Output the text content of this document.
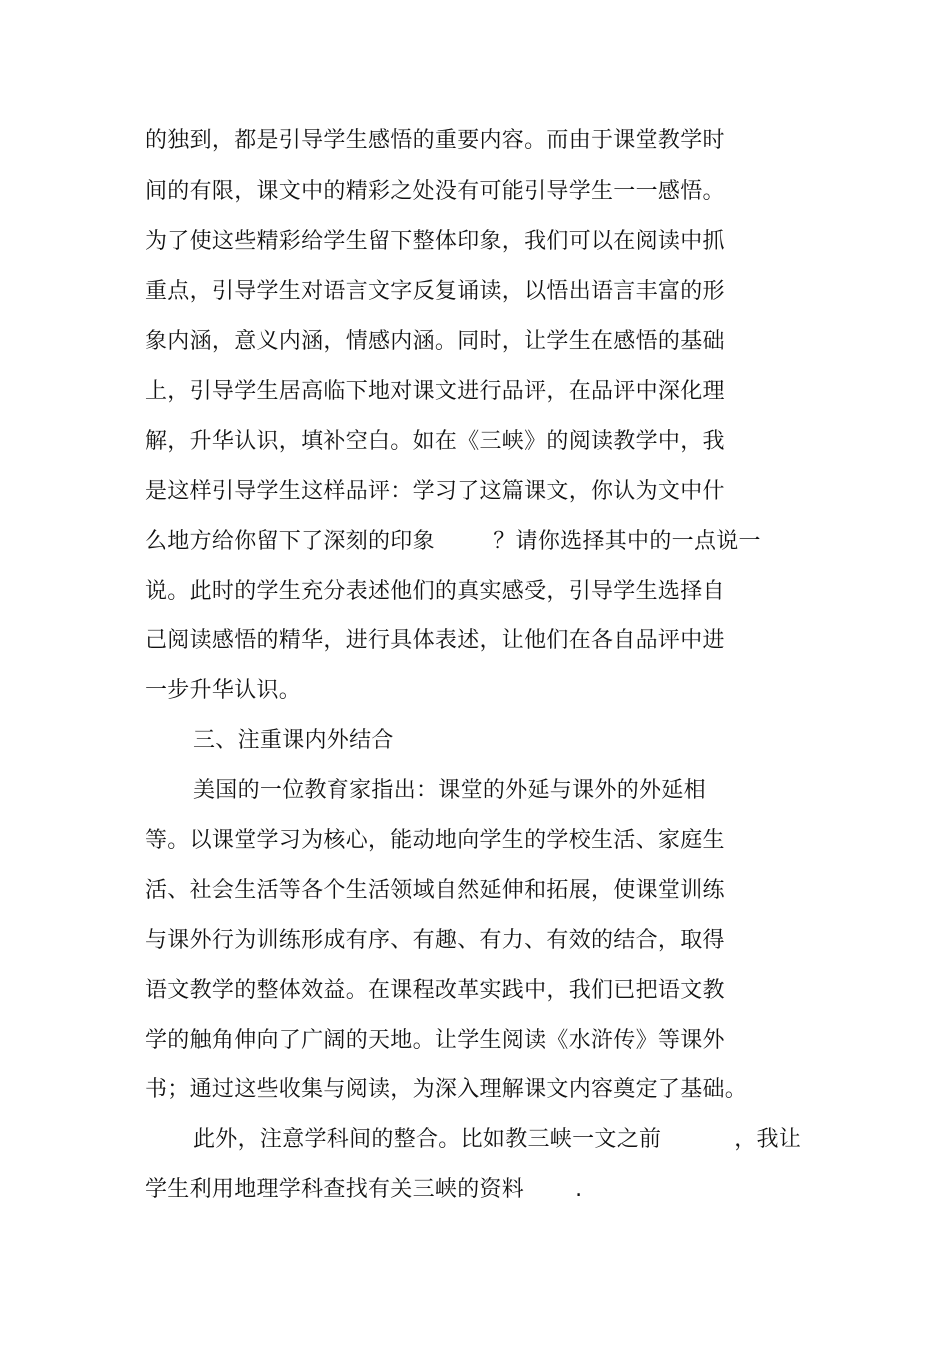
的独到，都是引导学生感悟的重要内容。而由于课堂教学时
间的有限，课文中的精彩之处没有可能引导学生一一感悟。
为了使这些精彩给学生留下整体印象，我们可以在阅读中抓
重点，引导学生对语言文字反复诵读，以悟出语言丰富的形
象内涵，意义内涵，情感内涵。同时，让学生在感悟的基础
上，引导学生居高临下地对课文进行品评，在品评中深化理
解，升华认识，填补空白。如在《三峡》的阅读教学中，我
是这样引导学生这样品评：学习了这篇课文，你认为文中什
么地方给你留下了深刻的印象        ？请你选择其中的一点说一
说。此时的学生充分表述他们的真实感受，引导学生选择自
己阅读感悟的精华，进行具体表述，让他们在各自品评中进
一步升华认识。
三、注重课内外结合
美国的一位教育家指出：课堂的外延与课外的外延相
等。以课堂学习为核心，能动地向学生的学校生活、家庭生
活、社会生活等各个生活领域自然延伸和拓展，使课堂训练
与课外行为训练形成有序、有趣、有力、有效的结合，取得
语文教学的整体效益。在课程改革实践中，我们已把语文教
学的触角伸向了广阔的天地。让学生阅读《水浒传》等课外
书；通过这些收集与阅读，为深入理解课文内容奠定了基础。
此外，注意学科间的整合。比如教三峡一文之前          ，我让
学生利用地理学科查找有关三峡的资料       .
